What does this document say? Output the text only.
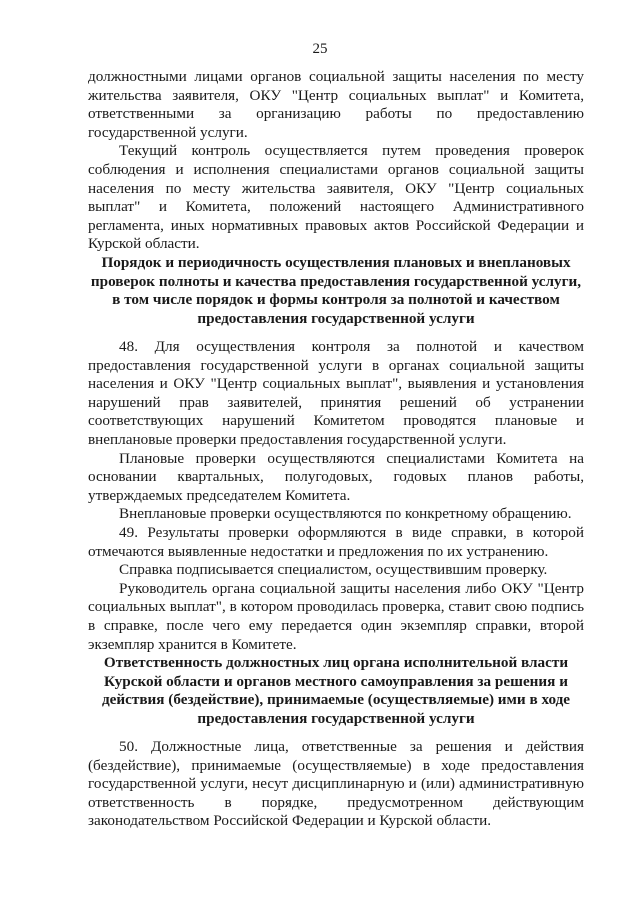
25

должностными лицами органов социальной защиты населения по месту жительства заявителя, ОКУ "Центр социальных выплат" и Комитета, ответственными за организацию работы по предоставлению государственной услуги.

Текущий контроль осуществляется путем проведения проверок соблюдения и исполнения специалистами органов социальной защиты населения по месту жительства заявителя, ОКУ "Центр социальных выплат" и Комитета, положений настоящего Административного регламента, иных нормативных правовых актов Российской Федерации и Курской области.

Порядок и периодичность осуществления плановых и внеплановых проверок полноты и качества предоставления государственной услуги, в том числе порядок и формы контроля за полнотой и качеством предоставления государственной услуги

48. Для осуществления контроля за полнотой и качеством предоставления государственной услуги в органах социальной защиты населения и ОКУ "Центр социальных выплат", выявления и установления нарушений прав заявителей, принятия решений об устранении соответствующих нарушений Комитетом проводятся плановые и внеплановые проверки предоставления государственной услуги.

Плановые проверки осуществляются специалистами Комитета на основании квартальных, полугодовых, годовых планов работы, утверждаемых председателем Комитета.

Внеплановые проверки осуществляются по конкретному обращению.

49. Результаты проверки оформляются в виде справки, в которой отмечаются выявленные недостатки и предложения по их устранению.

Справка подписывается специалистом, осуществившим проверку.

Руководитель органа социальной защиты населения либо ОКУ "Центр социальных выплат", в котором проводилась проверка, ставит свою подпись в справке, после чего ему передается один экземпляр справки, второй экземпляр хранится в Комитете.

Ответственность должностных лиц органа исполнительной власти Курской области и органов местного самоуправления за решения и действия (бездействие), принимаемые (осуществляемые) ими в ходе предоставления государственной услуги

50. Должностные лица, ответственные за решения и действия (бездействие), принимаемые (осуществляемые) в ходе предоставления государственной услуги, несут дисциплинарную и (или) административную ответственность в порядке, предусмотренном действующим законодательством Российской Федерации и Курской области.
